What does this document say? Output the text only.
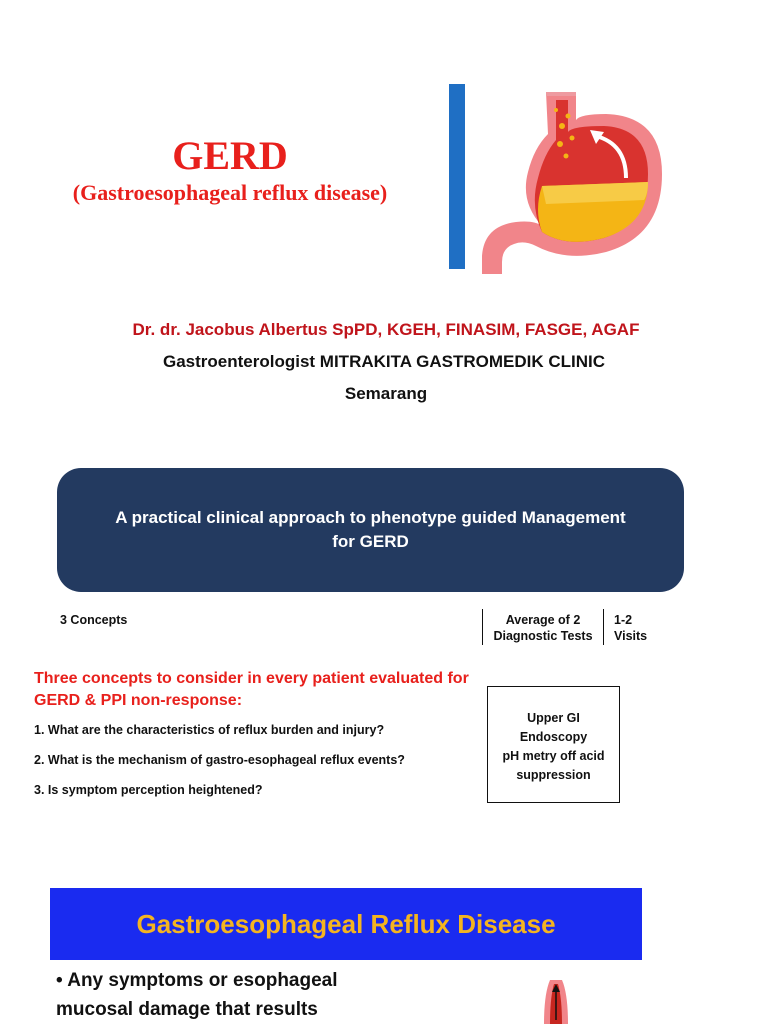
GERD
(Gastroesophageal reflux disease)
Dr. dr. Jacobus Albertus SpPD, KGEH, FINASIM, FASGE, AGAF
Gastroenterologist MITRAKITA GASTROMEDIK CLINIC
Semarang
A practical clinical approach to phenotype guided Management for GERD
3 Concepts	Average of 2
Diagnostic Tests
1-2
Visits
Three concepts to consider in every patient evaluated for GERD & PPI non-response:
1. What are the characteristics of reflux burden and injury?
2. What is the mechanism of gastro-esophageal reflux events?
3. Is symptom perception heightened?
Upper GI
Endoscopy
pH metry off acid
suppression
Gastroesophageal Reflux Disease
• Any symptoms or esophageal mucosal damage that results
